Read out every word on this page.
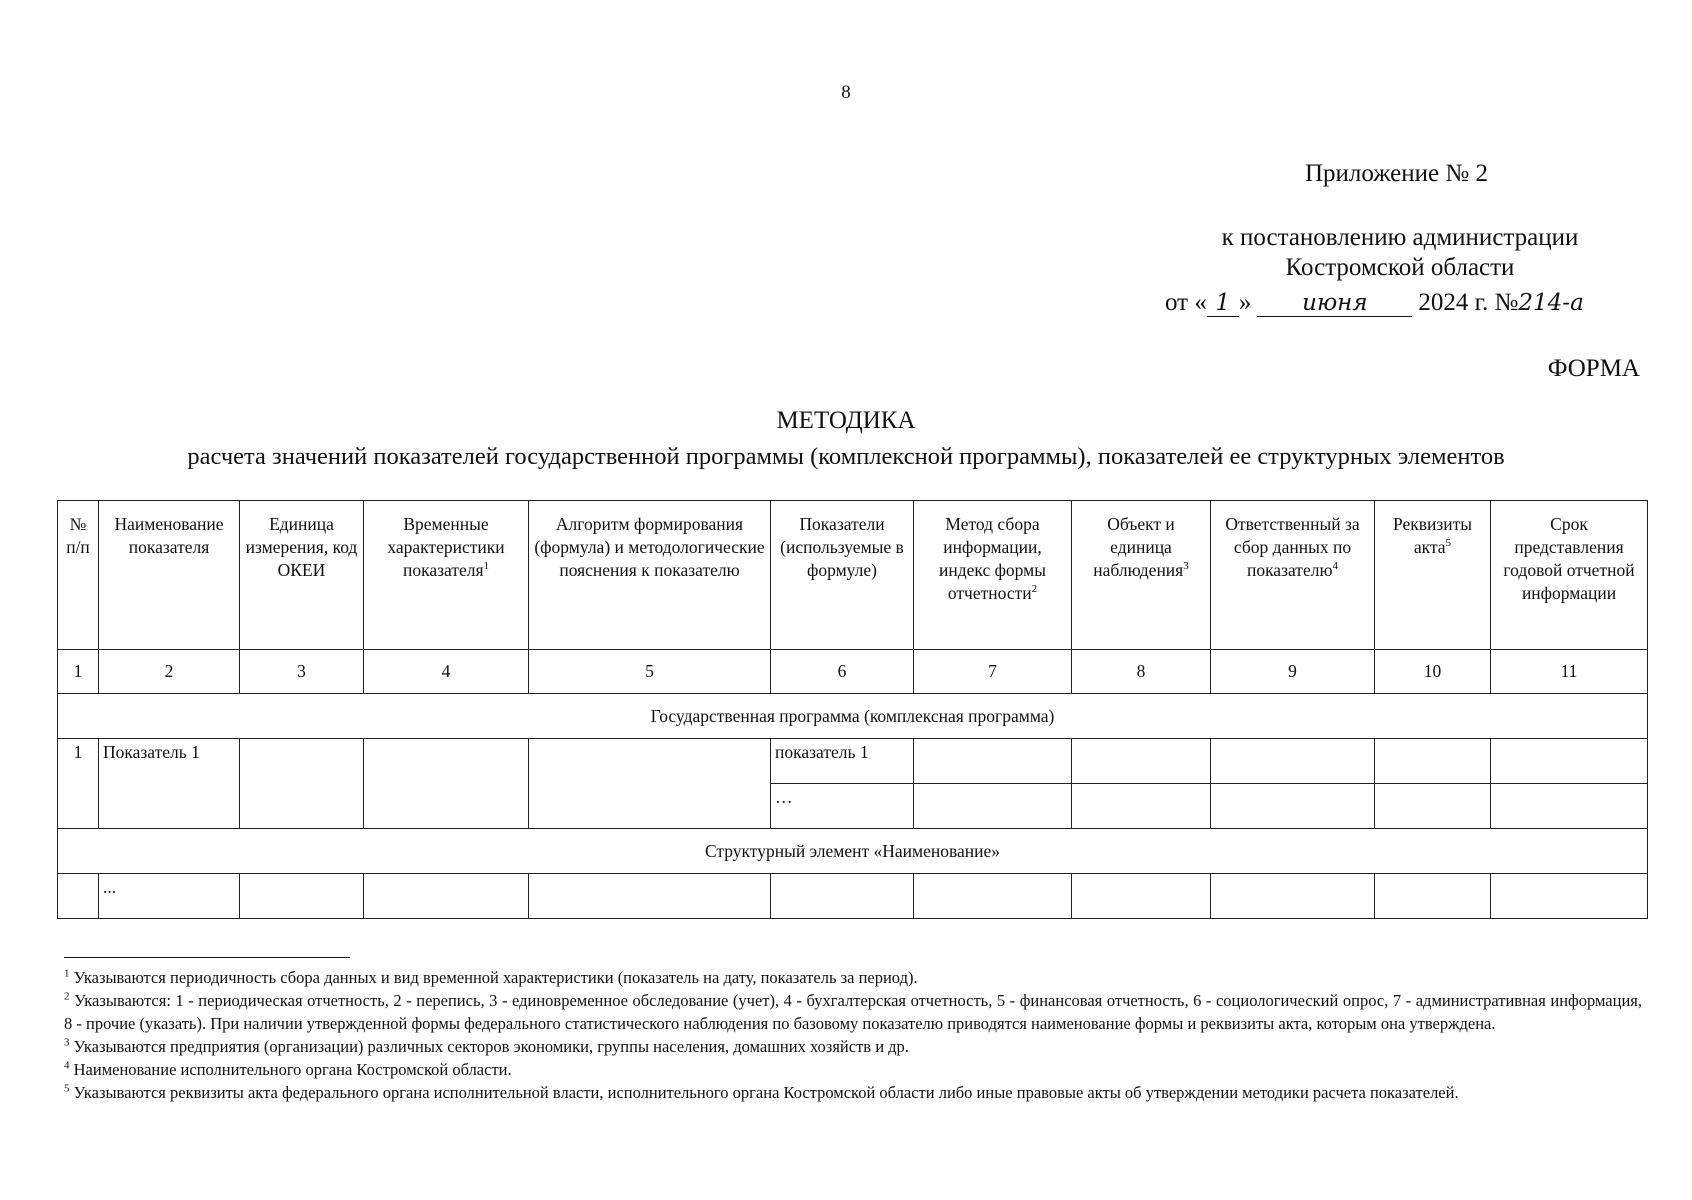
8
Приложение № 2
к постановлению администрации
Костромской области
от « 1 » июня 2024 г. №214-а
ФОРМА
МЕТОДИКА
расчета значений показателей государственной программы (комплексной программы), показателей ее структурных элементов
№ п/п	Наименование показателя	Единица измерения, код ОКЕИ	Временные характеристики показателя$^1$	Алгоритм формирования (формула) и методологические пояснения к показателю	Показатели (используемые в формуле)	Метод сбора информации, индекс формы отчетности$^2$	Объект и единица наблюдения$^3$	Ответственный за сбор данных по показателю$^4$	Реквизиты акта$^5$	Срок представления годовой отчетной информации
1	2	3	4	5	6	7	8	9	10	11
Государственная программа (комплексная программа)										
1	Показатель 1				показатель 1					
					…					
Структурный элемент «Наименование»										
	...									

$^1$ Указываются периодичность сбора данных и вид временной характеристики (показатель на дату, показатель за период).

$^2$ Указываются: 1 - периодическая отчетность, 2 - перепись, 3 - единовременное обследование (учет), 4 - бухгалтерская отчетность, 5 - финансовая отчетность, 6 - социологический опрос, 7 - административная информация, 8 - прочие (указать). При наличии утвержденной формы федерального статистического наблюдения по базовому показателю приводятся наименование формы и реквизиты акта, которым она утверждена.

$^3$ Указываются предприятия (организации) различных секторов экономики, группы населения, домашних хозяйств и др.

$^4$ Наименование исполнительного органа Костромской области.

$^5$ Указываются реквизиты акта федерального органа исполнительной власти, исполнительного органа Костромской области либо иные правовые акты об утверждении методики расчета показателей.
